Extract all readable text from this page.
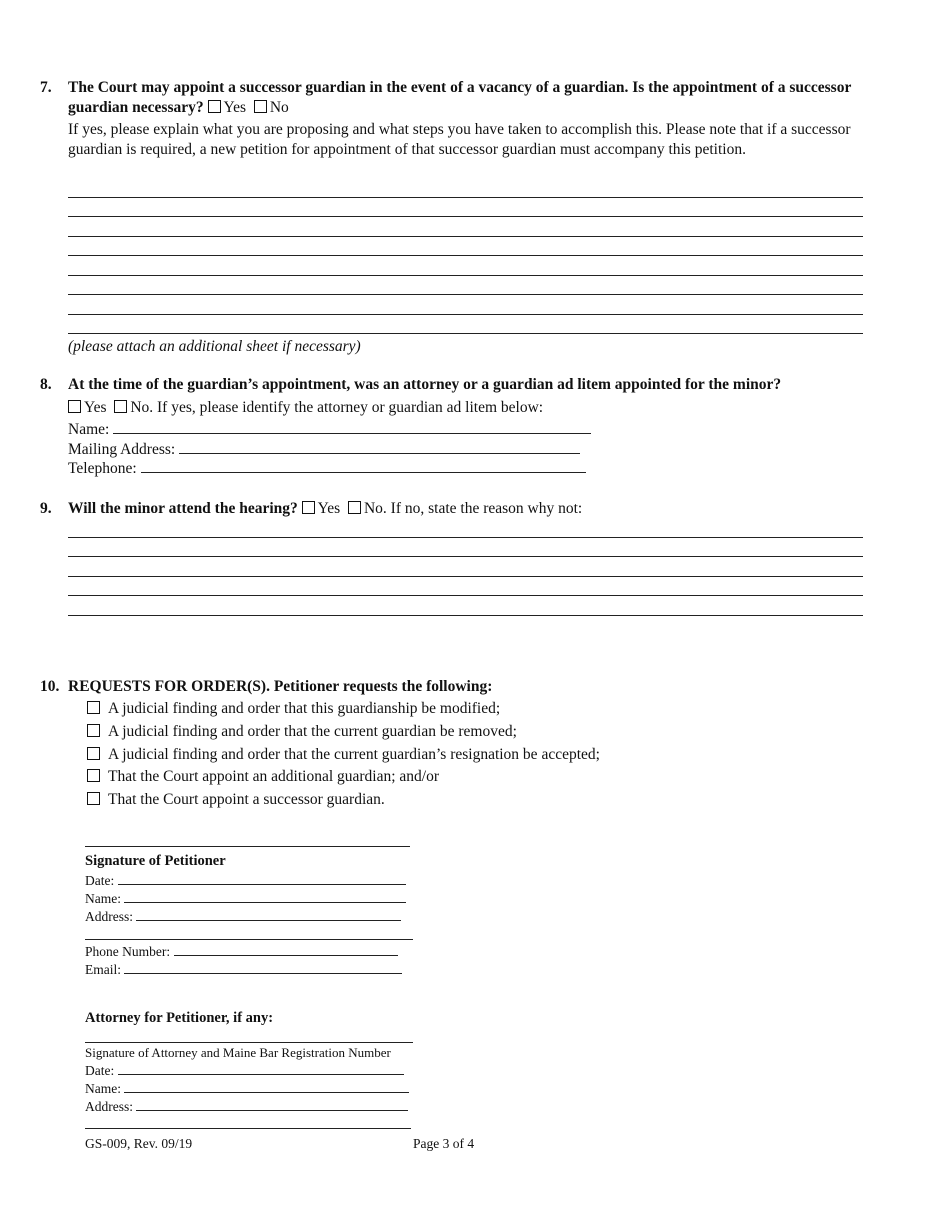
7.	The Court may appoint a successor guardian in the event of a vacancy of a guardian. Is the appointment of a successor guardian necessary? Yes No
If yes, please explain what you are proposing and what steps you have taken to accomplish this. Please note that if a successor guardian is required, a new petition for appointment of that successor guardian must accompany this petition.
(please attach an additional sheet if necessary)
8.	At the time of the guardian’s appointment, was an attorney or a guardian ad litem appointed for the minor?
Yes No. If yes, please identify the attorney or guardian ad litem below:
Name:
Mailing Address:
Telephone:
9.	Will the minor attend the hearing? Yes No. If no, state the reason why not:
10. REQUESTS FOR ORDER(S). Petitioner requests the following:
A judicial finding and order that this guardianship be modified;
A judicial finding and order that the current guardian be removed;
A judicial finding and order that the current guardian’s resignation be accepted;
That the Court appoint an additional guardian; and/or
That the Court appoint a successor guardian.
Signature of Petitioner
Date:
Name:
Address:
Phone Number:
Email:
Attorney for Petitioner, if any:
Signature of Attorney and Maine Bar Registration Number
Date:
Name:
Address:
GS-009, Rev. 09/19	Page 3 of 4
